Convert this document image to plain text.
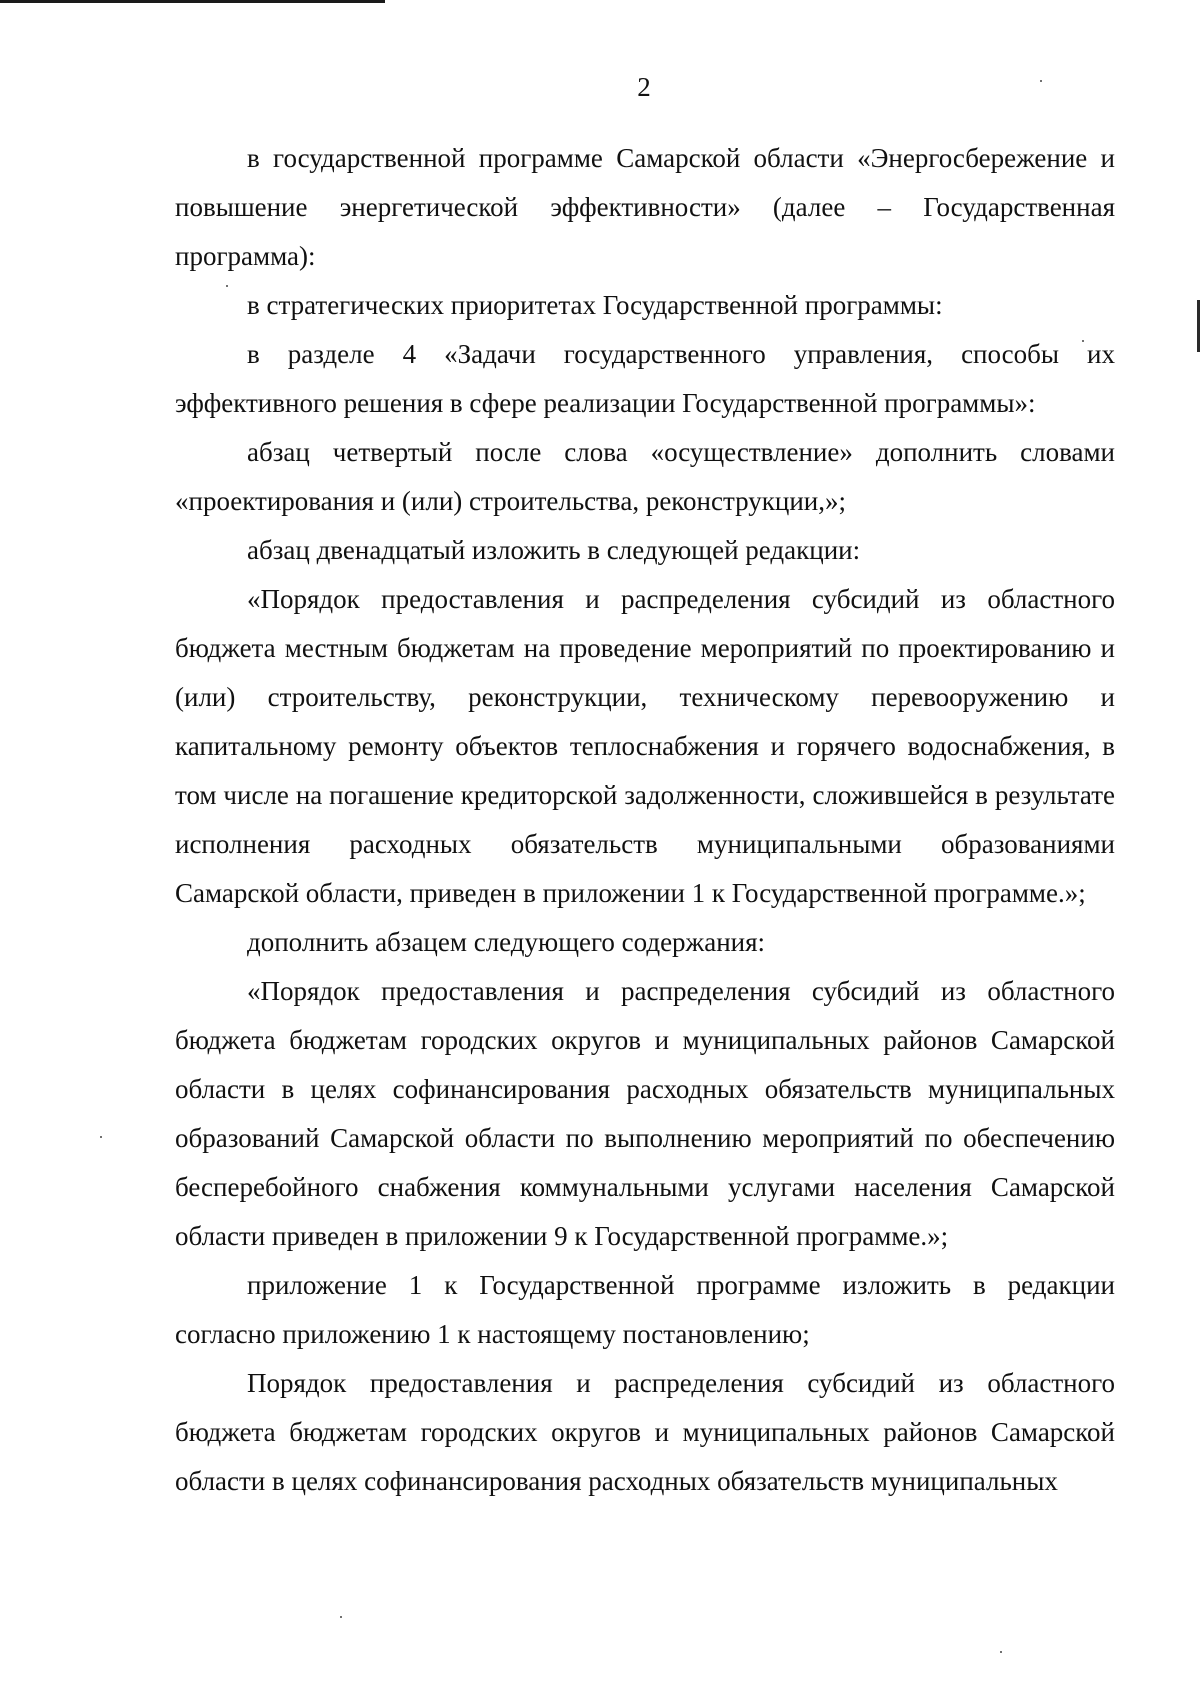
2

в государственной программе Самарской области «Энергосбережение и повышение энергетической эффективности» (далее – Государственная программа):

в стратегических приоритетах Государственной программы:

в разделе 4 «Задачи государственного управления, способы их эффективного решения в сфере реализации Государственной программы»:

абзац четвертый после слова «осуществление» дополнить словами «проектирования и (или) строительства, реконструкции,»;

абзац двенадцатый изложить в следующей редакции:

«Порядок предоставления и распределения субсидий из областного бюджета местным бюджетам на проведение мероприятий по проектированию и (или) строительству, реконструкции, техническому перевооружению и капитальному ремонту объектов теплоснабжения и горячего водоснабжения, в том числе на погашение кредиторской задолженности, сложившейся в результате исполнения расходных обязательств муниципальными образованиями Самарской области, приведен в приложении 1 к Государственной программе.»;

дополнить абзацем следующего содержания:

«Порядок предоставления и распределения субсидий из областного бюджета бюджетам городских округов и муниципальных районов Самарской области в целях софинансирования расходных обязательств муниципальных образований Самарской области по выполнению мероприятий по обеспечению бесперебойного снабжения коммунальными услугами населения Самарской области приведен в приложении 9 к Государственной программе.»;

приложение 1 к Государственной программе изложить в редакции согласно приложению 1 к настоящему постановлению;

Порядок предоставления и распределения субсидий из областного бюджета бюджетам городских округов и муниципальных районов Самарской области в целях софинансирования расходных обязательств муниципальных
